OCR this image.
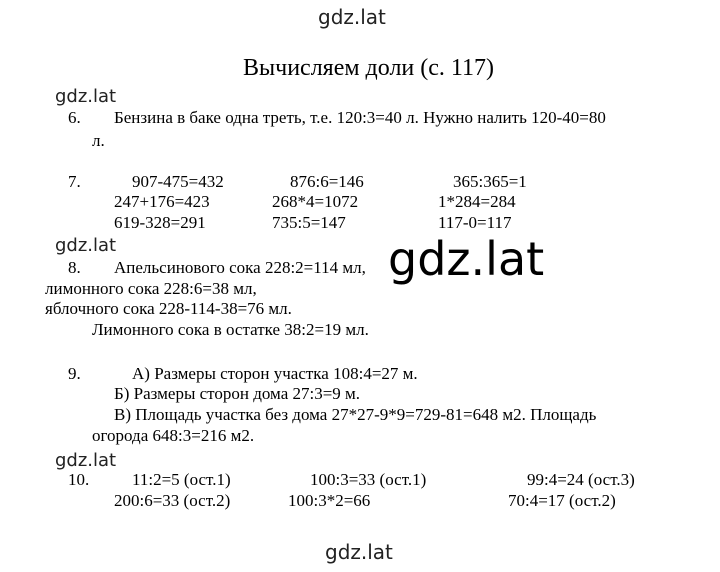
gdz.lat
gdz.lat
gdz.lat
gdz.lat
gdz.lat
gdz.lat
Вычисляем доли (с. 117)
6. Бензина в баке одна треть, т.е. 120:3=40 л. Нужно налить 120-40=80
л.
7.	907-475=432	876:6=146	365:365=1
247+176=423	268*4=1072	1*284=284
619-328=291	735:5=147	117-0=117
8. Апельсинового сока 228:2=114 мл,
лимонного сока 228:6=38 мл,
яблочного сока 228-114-38=76 мл.
Лимонного сока в остатке 38:2=19 мл.
9.	А) Размеры сторон участка 108:4=27 м.
Б) Размеры сторон дома 27:3=9 м.
В) Площадь участка без дома 27*27-9*9=729-81=648 м2. Площадь
огорода 648:3=216 м2.
10.	11:2=5 (ост.1)	100:3=33 (ост.1)	99:4=24 (ост.3)
200:6=33 (ост.2)	100:3*2=66	70:4=17 (ост.2)
